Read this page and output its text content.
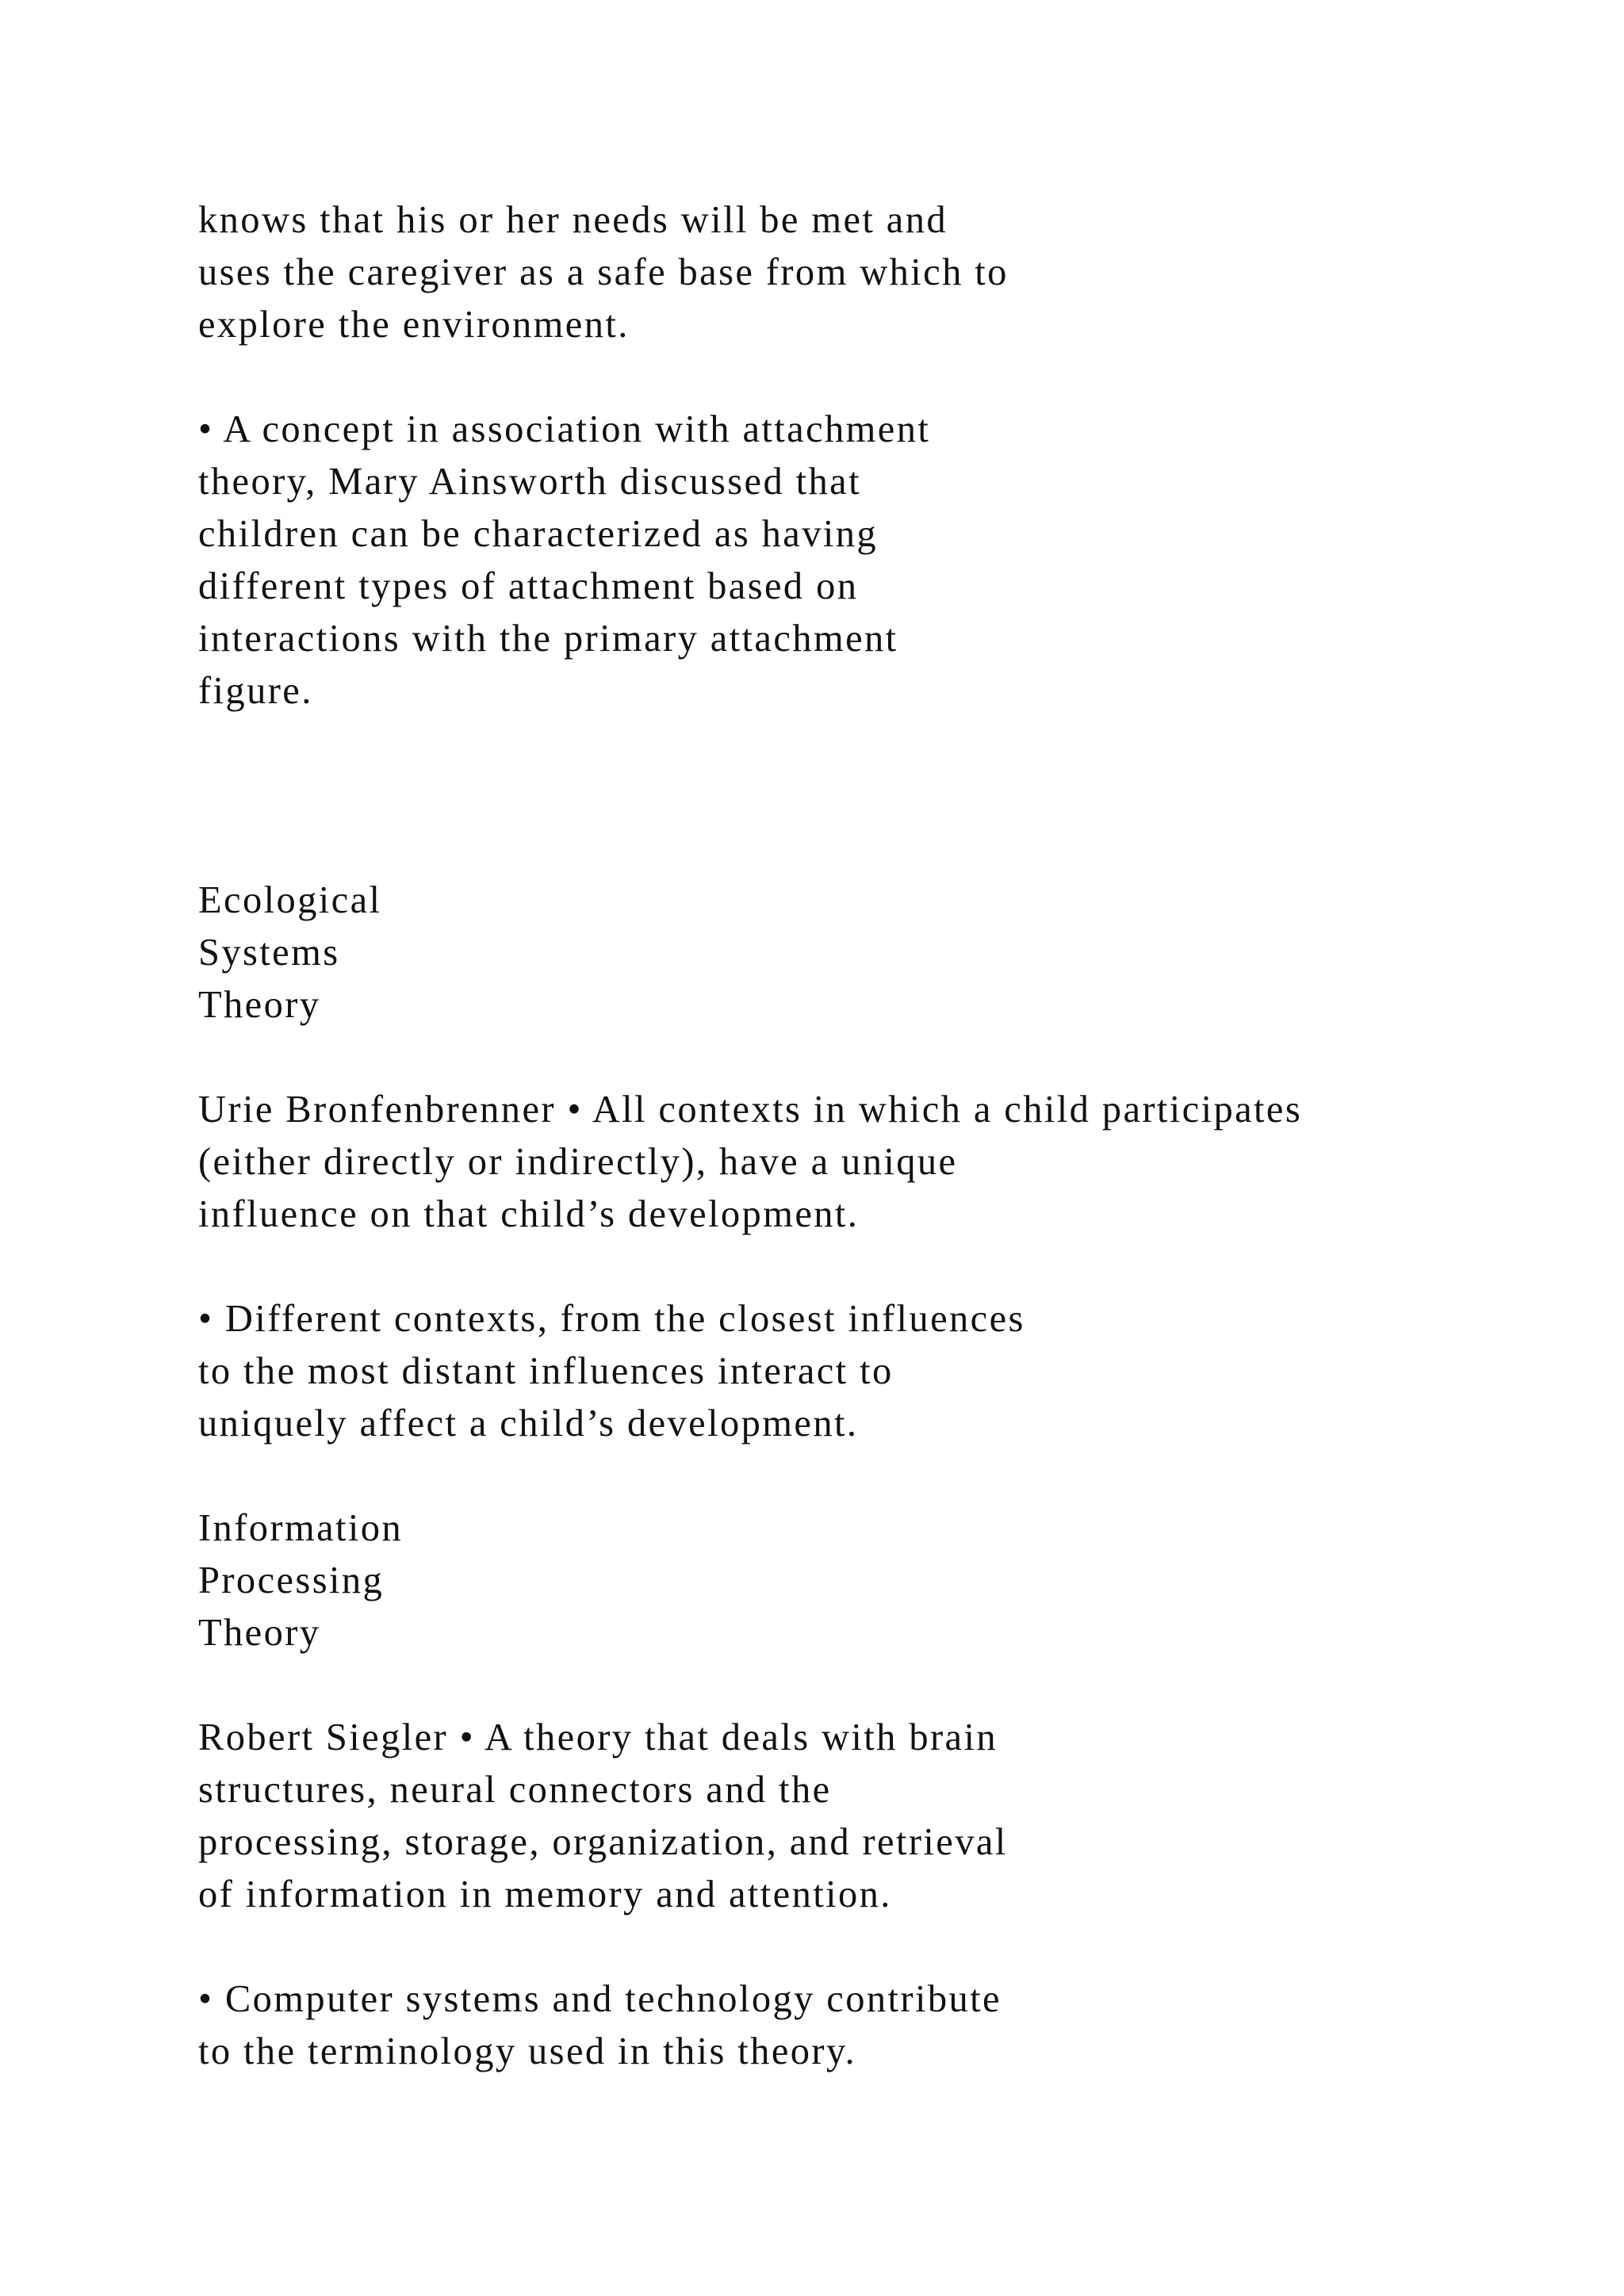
knows that his or her needs will be met and
uses the caregiver as a safe base from which to
explore the environment.
• A concept in association with attachment
theory, Mary Ainsworth discussed that
children can be characterized as having
different types of attachment based on
interactions with the primary attachment
figure.
Ecological
Systems
Theory
Urie Bronfenbrenner • All contexts in which a child participates
(either directly or indirectly), have a unique
influence on that child’s development.
• Different contexts, from the closest influences
to the most distant influences interact to
uniquely affect a child’s development.
Information
Processing
Theory
Robert Siegler • A theory that deals with brain
structures, neural connectors and the
processing, storage, organization, and retrieval
of information in memory and attention.
• Computer systems and technology contribute
to the terminology used in this theory.
